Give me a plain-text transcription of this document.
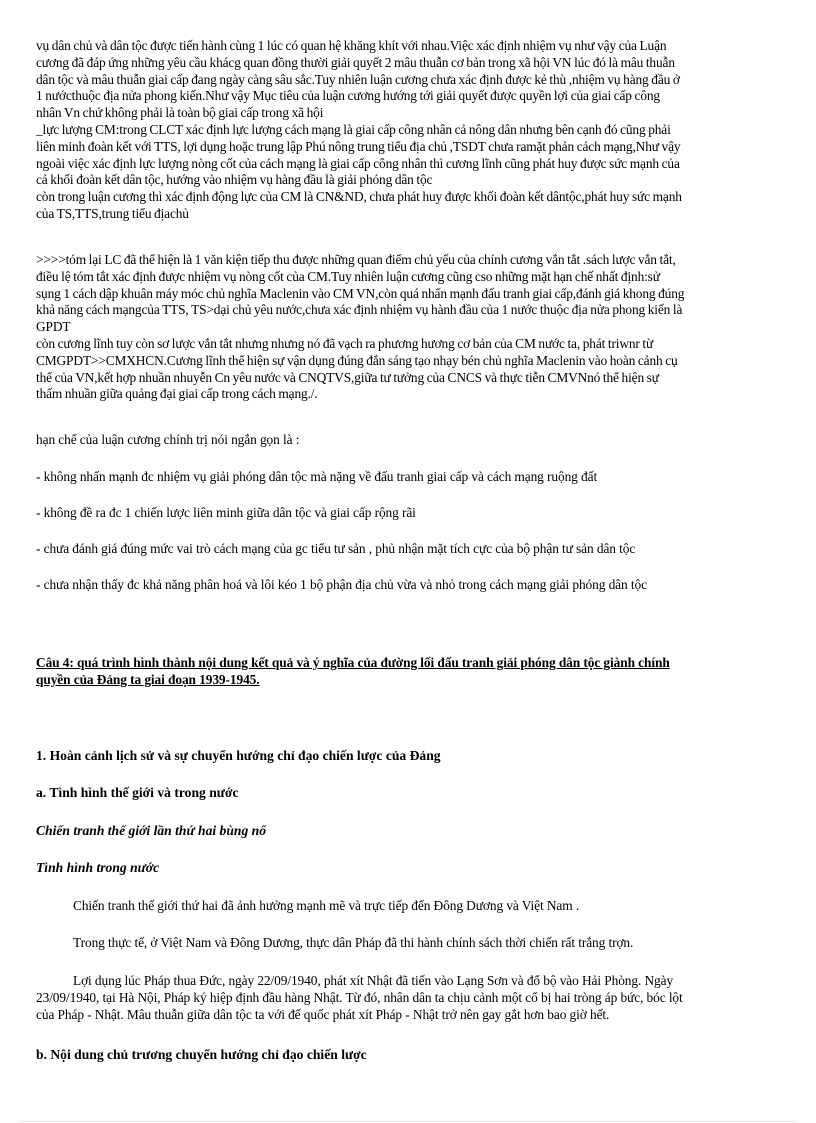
vụ dân chủ và dân tộc được tiến hành cùng 1 lúc có quan hệ khăng khít với nhau.Việc xác định nhiệm vụ như vậy của Luận
cương đã đáp ứng những yêu cầu khácg quan đồng thười giải quyết 2 mâu thuẫn cơ bản trong xã hội VN lúc đó là mâu thuẫn
dân tộc và mâu thuẫn giai cấp đang ngày càng sâu sắc.Tuy nhiên luận cương chưa xác định được kẻ thù ,nhiệm vụ hàng đầu ở
1 nướcthuộc địa nửa phong kiến.Như vậy Mục tiêu của luận cương hướng tới giải quyết được quyền lợi của giai cấp công
nhân Vn chứ không phải là toàn bộ giai cấp trong xã hội
_lực lượng CM:trong CLCT xác định lực lượng cách mạng là giai cấp công nhân cả nông dân nhưng bên cạnh đó cũng phải
liên minh đoàn kết với TTS, lợi dụng hoặc trung lập Phú nông trung tiểu địa chủ ,TSDT chưa ramặt phản cách mạng,Như vậy
ngoài việc xác định lực lượng nòng cốt của cách mạng là giai cấp công nhân thì cương lĩnh cũng phát huy được sức mạnh của
cả khối đoàn kết dân tộc, hướng vào nhiệm vụ hàng đầu là giải phóng dân tộc
còn trong luận cương thì xác định động lực của CM là CN&ND, chưa phát huy được khối đoàn kết dântộc,phát huy sức mạnh
của TS,TTS,trung tiểu địachủ
>>>>tóm lại LC đã thể hiện là 1 văn kiện tiếp thu được những quan điểm chủ yếu của chính cương vắn tắt .sách lược vắn tắt,
điều lệ tóm tắt xác định được nhiệm vụ nòng cốt của CM.Tuy nhiên luận cương cũng cso những mặt hạn chế nhất định:sử
sụng 1 cách dập khuân máy móc chủ nghĩa Maclenin vào CM VN,còn quá nhấn mạnh đấu tranh giai cấp,đánh giá khong đúng
khả năng cách mạngcủa TTS, TS>dại chủ yêu nước,chưa xác định nhiệm vụ hành đầu của 1 nước thuộc địa nửa phong kiến là
GPDT
còn cương lĩnh tuy còn sơ lược vắn tắt nhưng nhưng nó đã vạch ra phương hương cơ bản của CM nước ta, phát triwnr từ
CMGPDT>>CMXHCN.Cương lĩnh thể hiện sự vận dụng đúng đắn sáng tạo nhạy bén chủ nghĩa Maclenin vào hoàn cảnh cụ
thể của VN,kết hợp nhuần nhuyễn Cn yêu nước và CNQTVS,giữa tư tưởng của CNCS và thực tiễn CMVNnó thể hiện sự
thấm nhuần giữa quảng đại giai cấp trong cách mạng./.

hạn chế của luận cương chính trị nói ngắn gọn là :

- không nhấn mạnh đc nhiệm vụ giải phóng dân tộc mà nặng về đấu tranh giai cấp và cách mạng ruộng đất

- không đề ra đc 1 chiến lược liên minh giữa dân tộc và giai cấp rộng rãi

- chưa đánh giá đúng mức vai trò cách mạng của gc tiểu tư sản , phủ nhận mặt tích cực của bộ phận tư sản dân tộc

- chưa nhận thấy đc khả năng phân hoá và lôi kéo 1 bộ phận địa chủ vừa và nhỏ trong cách mạng giải phóng dân tộc

Câu 4: quá trình hình thành nội dung kết quả và ý nghĩa của đường lối đấu tranh giải phóng dân tộc giành chính
quyền của Đảng ta giai đoạn 1939-1945.

1. Hoàn cảnh lịch sử và sự chuyển hướng chỉ đạo chiến lược của Đảng

a. Tình hình thế giới và trong nước

Chiến tranh thế giới lần thứ hai bùng nổ

Tình hình trong nước

Chiến tranh thế giới thứ hai đã ảnh hưởng mạnh mẽ và trực tiếp đến Đông Dương và Việt Nam .
Trong thực tế, ở Việt Nam và Đông Dương, thực dân Pháp đã thi hành chính sách thời chiến rất trắng trợn.
Lợi dụng lúc Pháp thua Đức, ngày 22/09/1940, phát xít Nhật đã tiến vào Lạng Sơn và đổ bộ vào Hải Phòng. Ngày
23/09/1940, tại Hà Nội, Pháp ký hiệp định đầu hàng Nhật. Từ đó, nhân dân ta chịu cảnh một cổ bị hai tròng áp bức, bóc lột
của Pháp - Nhật. Mâu thuẫn giữa dân tộc ta với đế quốc phát xít Pháp - Nhật trở nên gay gắt hơn bao giờ hết.

b. Nội dung chủ trương chuyển hướng chỉ đạo chiến lược
